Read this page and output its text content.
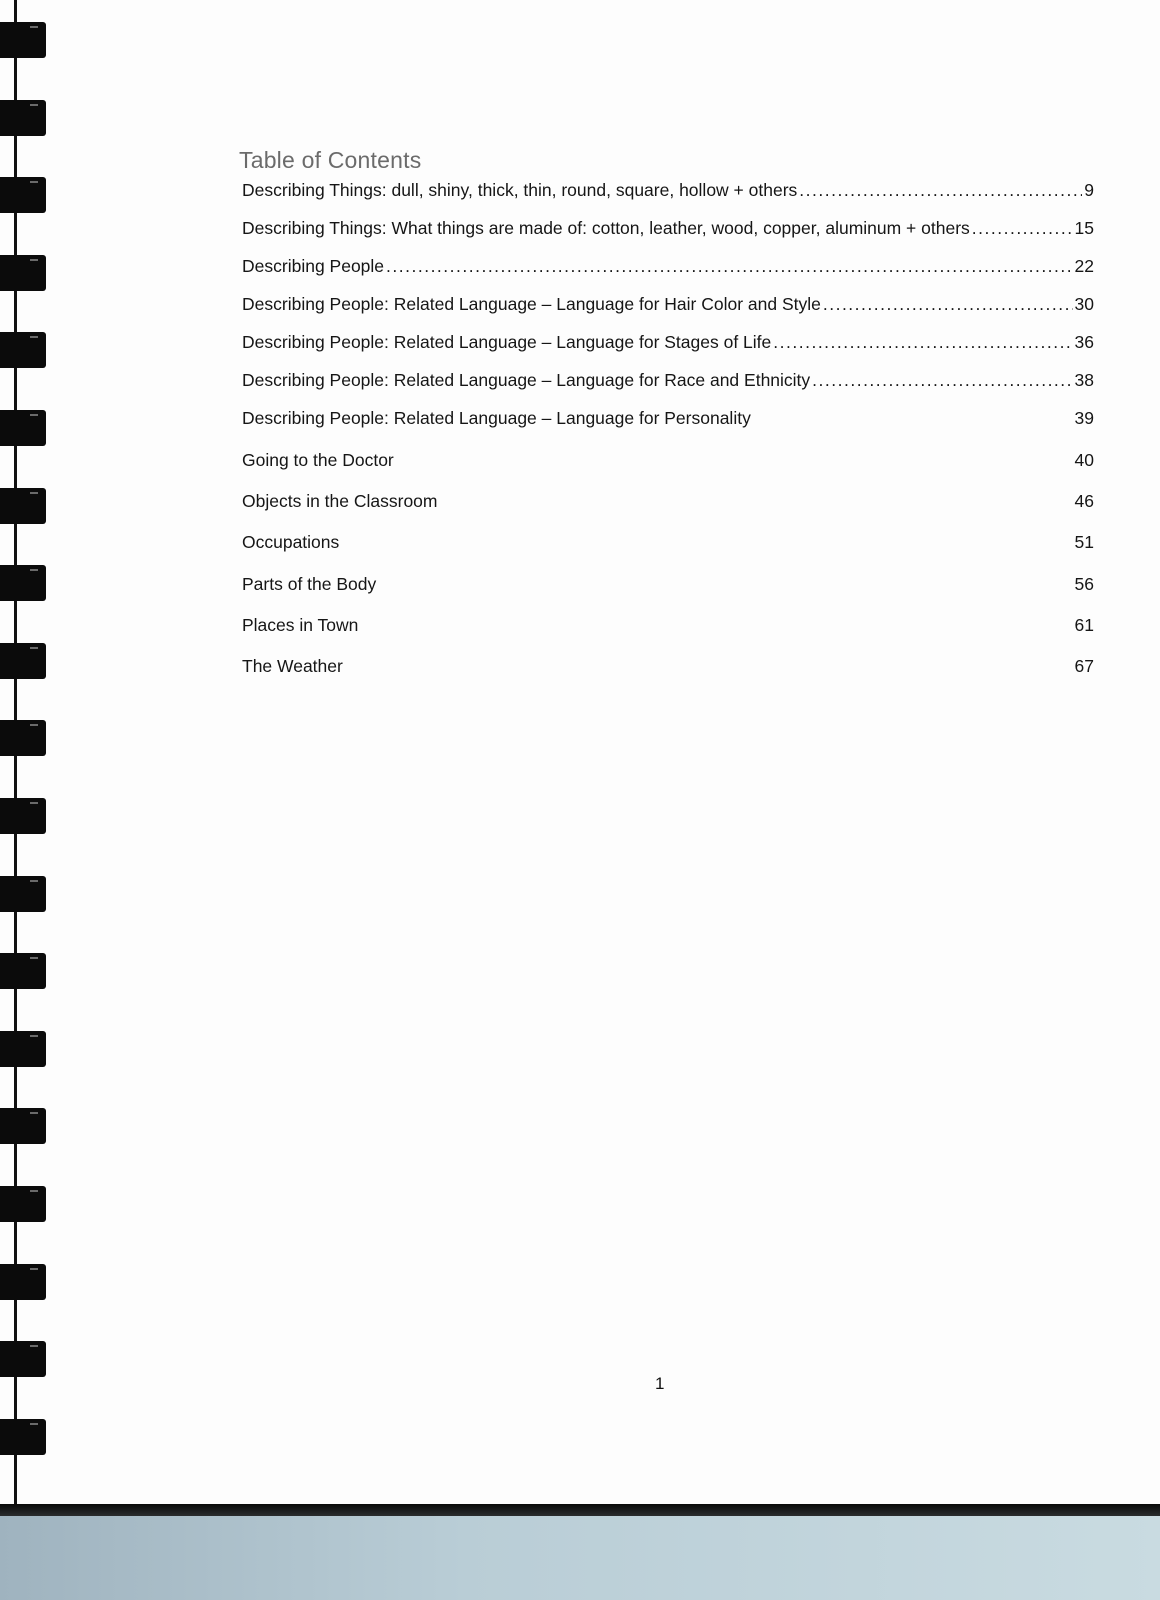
Table of Contents
Describing Things: dull, shiny, thick, thin, round, square, hollow + others .....	9
Describing Things: What things are made of: cotton, leather, wood, copper, aluminum + others .....	15
Describing People .....	22
Describing People: Related Language – Language for Hair Color and Style .....	30
Describing People: Related Language – Language for Stages of Life .....	36
Describing People: Related Language – Language for Race and Ethnicity .....	38
Describing People: Related Language – Language for Personality	39
Going to the Doctor	40
Objects in the Classroom	46
Occupations	51
Parts of the Body	56
Places in Town	61
The Weather	67
1
